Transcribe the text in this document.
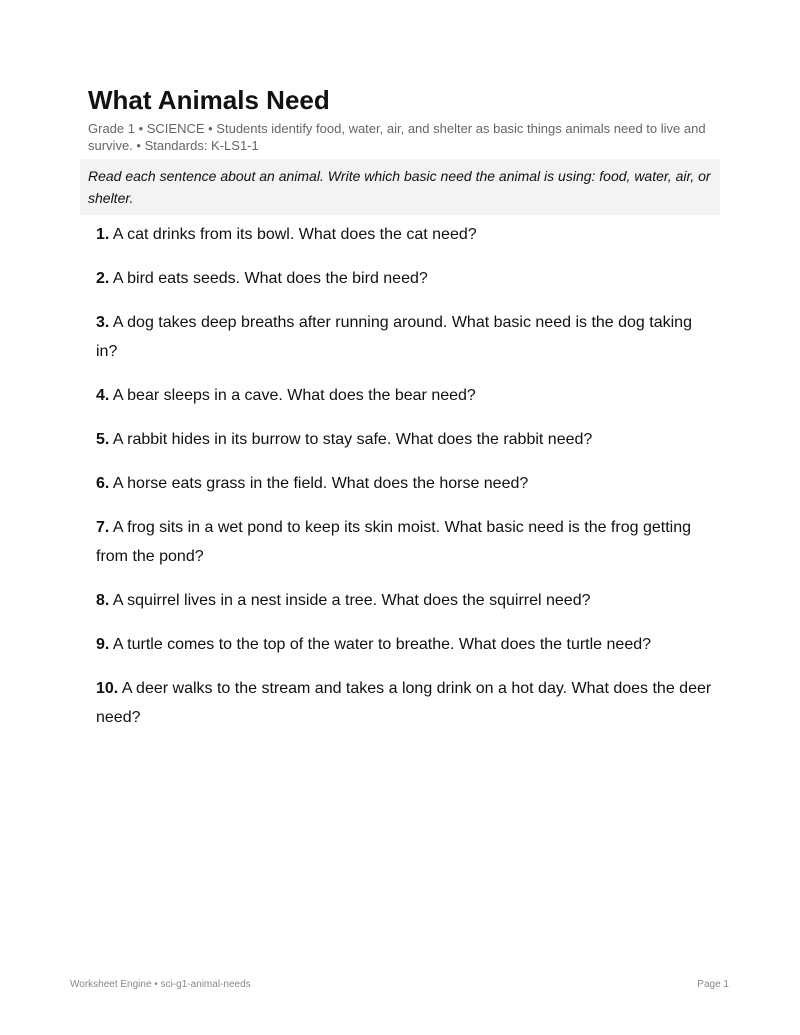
What Animals Need

Grade 1 • SCIENCE • Students identify food, water, air, and shelter as basic things animals need to live and survive. • Standards: K-LS1-1

Read each sentence about an animal. Write which basic need the animal is using: food, water, air, or shelter.
1. A cat drinks from its bowl. What does the cat need?
2. A bird eats seeds. What does the bird need?
3. A dog takes deep breaths after running around. What basic need is the dog taking in?
4. A bear sleeps in a cave. What does the bear need?
5. A rabbit hides in its burrow to stay safe. What does the rabbit need?
6. A horse eats grass in the field. What does the horse need?
7. A frog sits in a wet pond to keep its skin moist. What basic need is the frog getting from the pond?
8. A squirrel lives in a nest inside a tree. What does the squirrel need?
9. A turtle comes to the top of the water to breathe. What does the turtle need?
10. A deer walks to the stream and takes a long drink on a hot day. What does the deer need?
Worksheet Engine • sci-g1-animal-needs	Page 1
